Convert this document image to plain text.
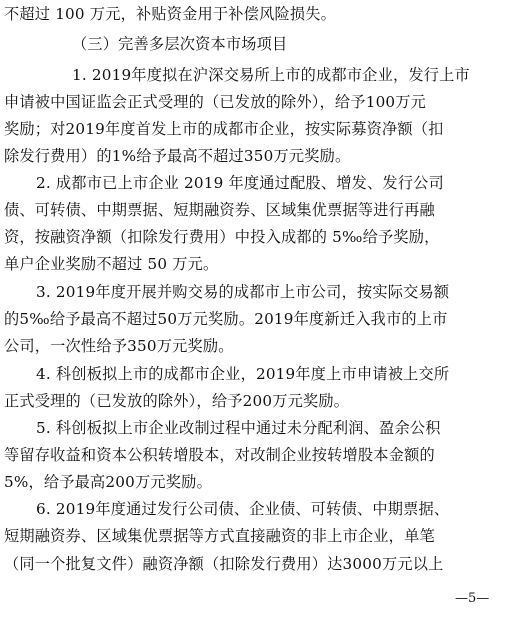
不超过 100 万元，补贴资金用于补偿风险损失。
（三）完善多层次资本市场项目
1. 2019年度拟在沪深交易所上市的成都市企业，发行上市
申请被中国证监会正式受理的（已发放的除外），给予100万元
奖励；对2019年度首发上市的成都市企业，按实际募资净额（扣
除发行费用）的1%给予最高不超过350万元奖励。
2. 成都市已上市企业 2019 年度通过配股、增发、发行公司
债、可转债、中期票据、短期融资券、区域集优票据等进行再融
资，按融资净额（扣除发行费用）中投入成都的 5‰给予奖励，
单户企业奖励不超过 50 万元。
3. 2019年度开展并购交易的成都市上市公司，按实际交易额
的5‰给予最高不超过50万元奖励。2019年度新迁入我市的上市
公司，一次性给予350万元奖励。
4. 科创板拟上市的成都市企业，2019年度上市申请被上交所
正式受理的（已发放的除外），给予200万元奖励。
5. 科创板拟上市企业改制过程中通过未分配利润、盈余公积
等留存收益和资本公积转增股本，对改制企业按转增股本金额的
5%，给予最高200万元奖励。
6. 2019年度通过发行公司债、企业债、可转债、中期票据、
短期融资券、区域集优票据等方式直接融资的非上市企业，单笔
（同一个批复文件）融资净额（扣除发行费用）达3000万元以上
—5—
